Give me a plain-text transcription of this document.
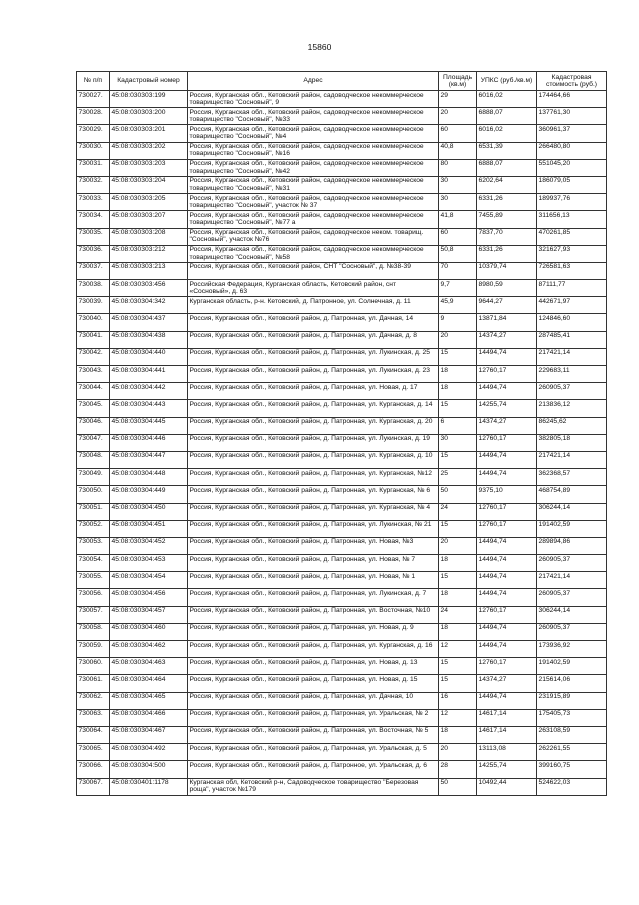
15860
№ п/п	Кадастровый номер	Адрес	Площадь (кв.м)	УПКС (руб./кв.м)	Кадастровая стоимость (руб.)
730027.	45:08:030303:199	Россия, Курганская обл., Кетовский район, садоводческое некоммерческое товарищество "Сосновый", 9	29	6016,02	174464,66
730028.	45:08:030303:200	Россия, Курганская обл., Кетовский район, садоводческое некоммерческое товарищество "Сосновый", №33	20	6888,07	137761,30
730029.	45:08:030303:201	Россия, Курганская обл., Кетовский район, садоводческое некоммерческое товарищество "Сосновый", №4	60	6016,02	360961,37
730030.	45:08:030303:202	Россия, Курганская обл., Кетовский район, садоводческое некоммерческое товарищество "Сосновый", №16	40,8	6531,39	266480,80
730031.	45:08:030303:203	Россия, Курганская обл., Кетовский район, садоводческое некоммерческое товарищество "Сосновый", №42	80	6888,07	551045,20
730032.	45:08:030303:204	Россия, Курганская обл., Кетовский район, садоводческое некоммерческое товарищество "Сосновый", №31	30	6202,64	186079,05
730033.	45:08:030303:205	Россия, Курганская обл., Кетовский район, садоводческое некоммерческое товарищество "Сосновый", участок № 37	30	6331,26	189937,76
730034.	45:08:030303:207	Россия, Курганская обл., Кетовский район, садоводческое некоммерческое товарищество "Сосновый", №77 а	41,8	7455,89	311656,13
730035.	45:08:030303:208	Россия, Курганская обл., Кетовский район, садоводческое неком. товарищ. "Сосновый", участок №76	60	7837,70	470261,85
730036.	45:08:030303:212	Россия, Курганская обл., Кетовский район, садоводческое некоммерческое товарищество "Сосновый", №58	50,8	6331,26	321627,93
730037.	45:08:030303:213	Россия, Курганская обл., Кетовский район, СНТ "Сосновый", д. №38-39	70	10379,74	726581,63
730038.	45:08:030303:456	Российская Федерация, Курганская область, Кетовский район, снт «Сосновый», д. 63	9,7	8980,59	87111,77
730039.	45:08:030304:342	Курганская область, р-н. Кетовский, д. Патронное, ул. Солнечная, д. 11	45,9	9644,27	442671,97
730040.	45:08:030304:437	Россия, Курганская обл., Кетовский район, д. Патронная, ул. Дачная, 14	9	13871,84	124846,60
730041.	45:08:030304:438	Россия, Курганская обл., Кетовский район, д. Патронная, ул. Дачная, д. 8	20	14374,27	287485,41
730042.	45:08:030304:440	Россия, Курганская обл., Кетовский район, д. Патронная, ул. Лукинская, д. 25	15	14494,74	217421,14
730043.	45:08:030304:441	Россия, Курганская обл., Кетовский район, д. Патронная, ул. Лукинская, д. 23	18	12760,17	229683,11
730044.	45:08:030304:442	Россия, Курганская обл., Кетовский район, д. Патронная, ул. Новая, д. 17	18	14494,74	260905,37
730045.	45:08:030304:443	Россия, Курганская обл., Кетовский район, д. Патронная, ул. Курганская, д. 14	15	14255,74	213836,12
730046.	45:08:030304:445	Россия, Курганская обл., Кетовский район, д. Патронная, ул. Курганская, д. 20	6	14374,27	86245,62
730047.	45:08:030304:446	Россия, Курганская обл., Кетовский район, д. Патронная, ул. Лукинская, д. 19	30	12760,17	382805,18
730048.	45:08:030304:447	Россия, Курганская обл., Кетовский район, д. Патронная, ул. Курганская, д. 10	15	14494,74	217421,14
730049.	45:08:030304:448	Россия, Курганская обл., Кетовский район, д. Патронная, ул. Курганская, №12	25	14494,74	362368,57
730050.	45:08:030304:449	Россия, Курганская обл., Кетовский район, д. Патронная, ул. Курганская, № 6	50	9375,10	468754,89
730051.	45:08:030304:450	Россия, Курганская обл., Кетовский район, д. Патронная, ул. Курганская, № 4	24	12760,17	306244,14
730052.	45:08:030304:451	Россия, Курганская обл., Кетовский район, д. Патронная, ул. Лукинская, № 21	15	12760,17	191402,59
730053.	45:08:030304:452	Россия, Курганская обл., Кетовский район, д. Патронная, ул. Новая, №3	20	14494,74	289894,86
730054.	45:08:030304:453	Россия, Курганская обл., Кетовский район, д. Патронная, ул. Новая, № 7	18	14494,74	260905,37
730055.	45:08:030304:454	Россия, Курганская обл., Кетовский район, д. Патронная, ул. Новая, № 1	15	14494,74	217421,14
730056.	45:08:030304:456	Россия, Курганская обл., Кетовский район, д. Патронная, ул. Лукинская, д. 7	18	14494,74	260905,37
730057.	45:08:030304:457	Россия, Курганская обл., Кетовский район, д. Патронная, ул. Восточная, №10	24	12760,17	306244,14
730058.	45:08:030304:460	Россия, Курганская обл., Кетовский район, д. Патронная, ул. Новая, д. 9	18	14494,74	260905,37
730059.	45:08:030304:462	Россия, Курганская обл., Кетовский район, д. Патронная, ул. Курганская, д. 16	12	14494,74	173936,92
730060.	45:08:030304:463	Россия, Курганская обл., Кетовский район, д. Патронная, ул. Новая, д. 13	15	12760,17	191402,59
730061.	45:08:030304:464	Россия, Курганская обл., Кетовский район, д. Патронная, ул. Новая, д. 15	15	14374,27	215614,06
730062.	45:08:030304:465	Россия, Курганская обл., Кетовский район, д. Патронная, ул. Дачная, 10	16	14494,74	231915,89
730063.	45:08:030304:466	Россия, Курганская обл., Кетовский район, д. Патронная, ул. Уральская, № 2	12	14617,14	175405,73
730064.	45:08:030304:467	Россия, Курганская обл., Кетовский район, д. Патронная, ул. Восточная, № 5	18	14617,14	263108,59
730065.	45:08:030304:492	Россия, Курганская обл., Кетовский район, д. Патронная, ул. Уральская, д. 5	20	13113,08	262261,55
730066.	45:08:030304:500	Россия, Курганская обл., Кетовский район, д. Патронное, ул. Уральская, д. 6	28	14255,74	399160,75
730067.	45:08:030401:1178	Курганская обл, Кетовский р-н, Садоводческое товарищество "Березовая роща", участок №179	50	10492,44	524622,03
